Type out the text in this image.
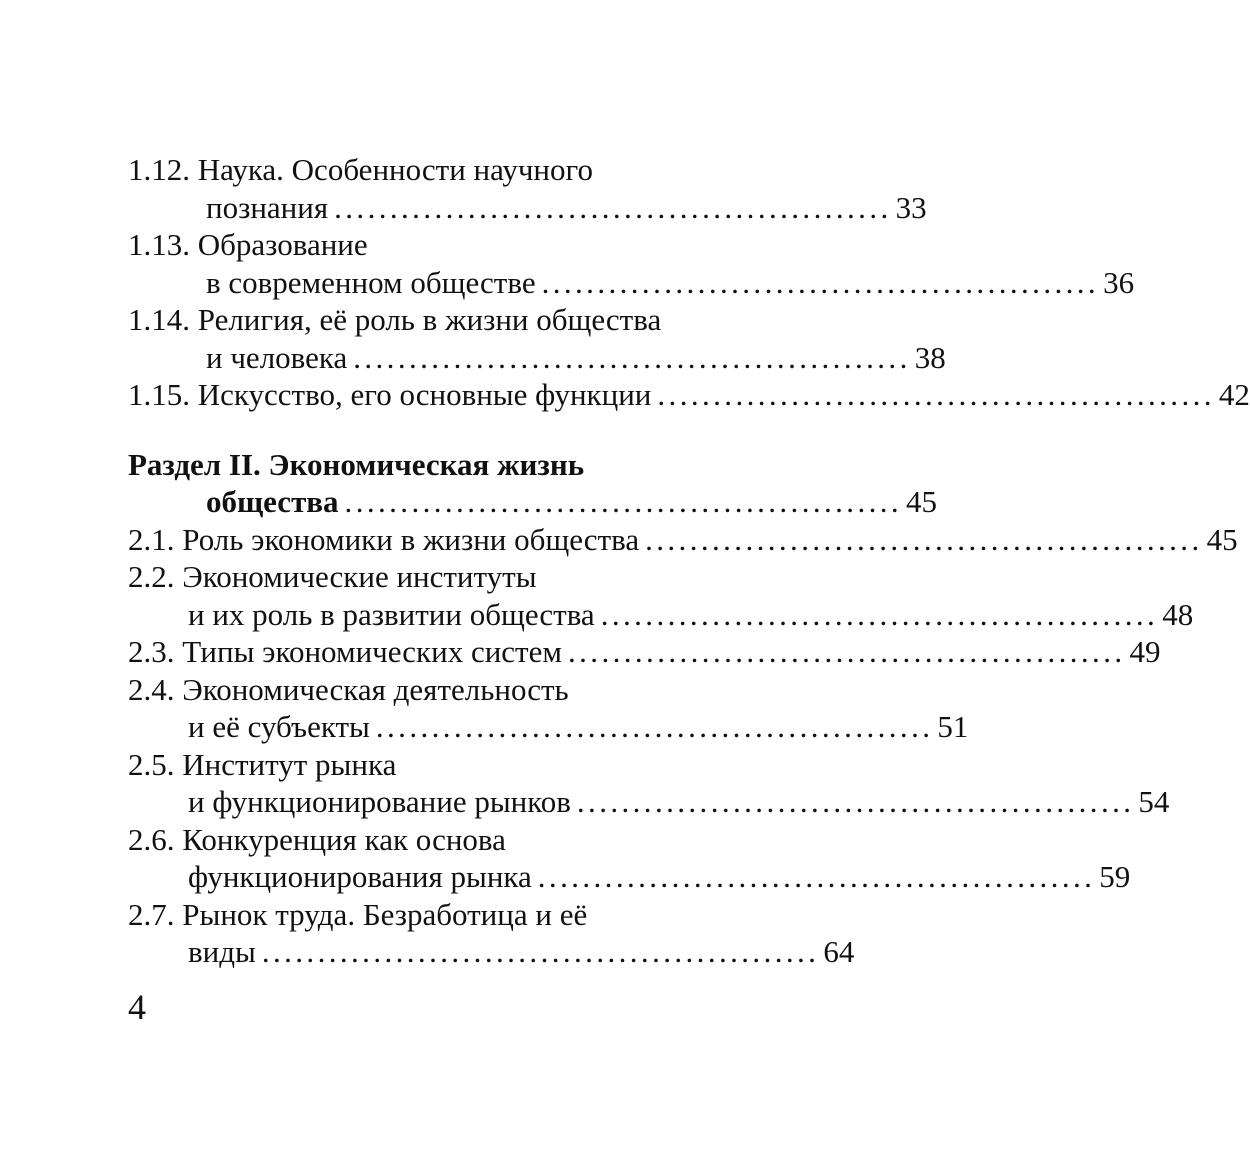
1.12. Наука. Особенности научного
познания .................................................. 33
1.13. Образование
в современном обществе .................................................. 36
1.14. Религия, её роль в жизни общества
и человека .................................................. 38
1.15. Искусство, его основные функции .................................................. 42
Раздел II. Экономическая жизнь
общества .................................................. 45
2.1. Роль экономики в жизни общества .................................................. 45
2.2. Экономические институты
и их роль в развитии общества .................................................. 48
2.3. Типы экономических систем .................................................. 49
2.4. Экономическая деятельность
и её субъекты .................................................. 51
2.5. Институт рынка
и функционирование рынков .................................................. 54
2.6. Конкуренция как основа
функционирования рынка .................................................. 59
2.7. Рынок труда. Безработица и её
виды .................................................. 64
4
